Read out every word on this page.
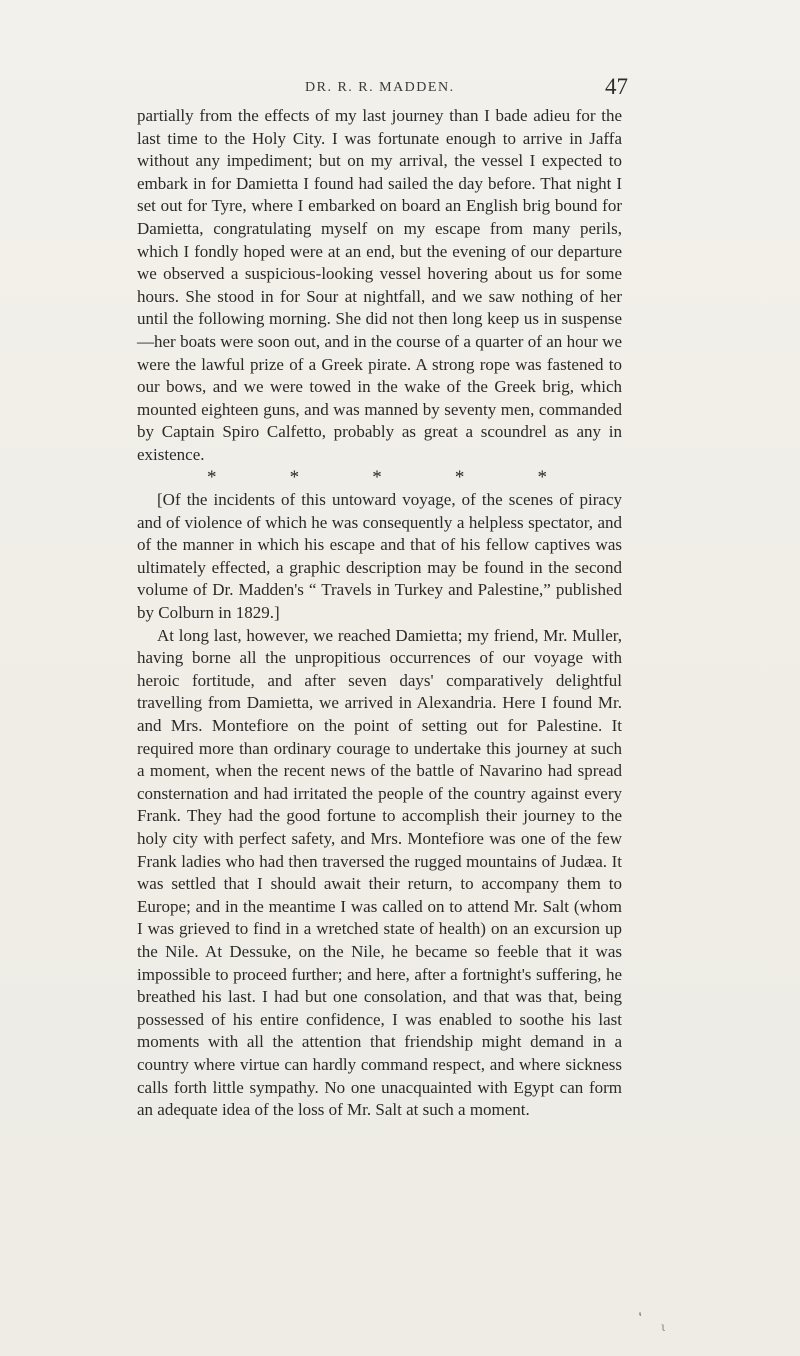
DR. R. R. MADDEN.	47

partially from the effects of my last journey than I bade adieu for the last time to the Holy City. I was fortunate enough to arrive in Jaffa without any impediment; but on my arrival, the vessel I expected to embark in for Damietta I found had sailed the day before. That night I set out for Tyre, where I embarked on board an English brig bound for Damietta, congratulating myself on my escape from many perils, which I fondly hoped were at an end, but the evening of our departure we observed a suspicious-looking vessel hovering about us for some hours. She stood in for Sour at nightfall, and we saw nothing of her until the following morning. She did not then long keep us in suspense—her boats were soon out, and in the course of a quarter of an hour we were the lawful prize of a Greek pirate. A strong rope was fastened to our bows, and we were towed in the wake of the Greek brig, which mounted eighteen guns, and was manned by seventy men, commanded by Captain Spiro Calfetto, probably as great a scoundrel as any in existence.

*	*	*	*	*

[Of the incidents of this untoward voyage, of the scenes of piracy and of violence of which he was consequently a helpless spectator, and of the manner in which his escape and that of his fellow captives was ultimately effected, a graphic description may be found in the second volume of Dr. Madden's “ Travels in Turkey and Palestine,” published by Colburn in 1829.]

At long last, however, we reached Damietta; my friend, Mr. Muller, having borne all the unpropitious occurrences of our voyage with heroic fortitude, and after seven days' comparatively delightful travelling from Damietta, we arrived in Alexandria. Here I found Mr. and Mrs. Montefiore on the point of setting out for Palestine. It required more than ordinary courage to undertake this journey at such a moment, when the recent news of the battle of Navarino had spread consternation and had irritated the people of the country against every Frank. They had the good fortune to accomplish their journey to the holy city with perfect safety, and Mrs. Montefiore was one of the few Frank ladies who had then traversed the rugged mountains of Judæa. It was settled that I should await their return, to accompany them to Europe; and in the meantime I was called on to attend Mr. Salt (whom I was grieved to find in a wretched state of health) on an excursion up the Nile. At Dessuke, on the Nile, he became so feeble that it was impossible to proceed further; and here, after a fortnight's suffering, he breathed his last. I had but one consolation, and that was that, being possessed of his entire confidence, I was enabled to soothe his last moments with all the attention that friendship might demand in a country where virtue can hardly command respect, and where sickness calls forth little sympathy. No one unacquainted with Egypt can form an adequate idea of the loss of Mr. Salt at such a moment.

‘
ι
